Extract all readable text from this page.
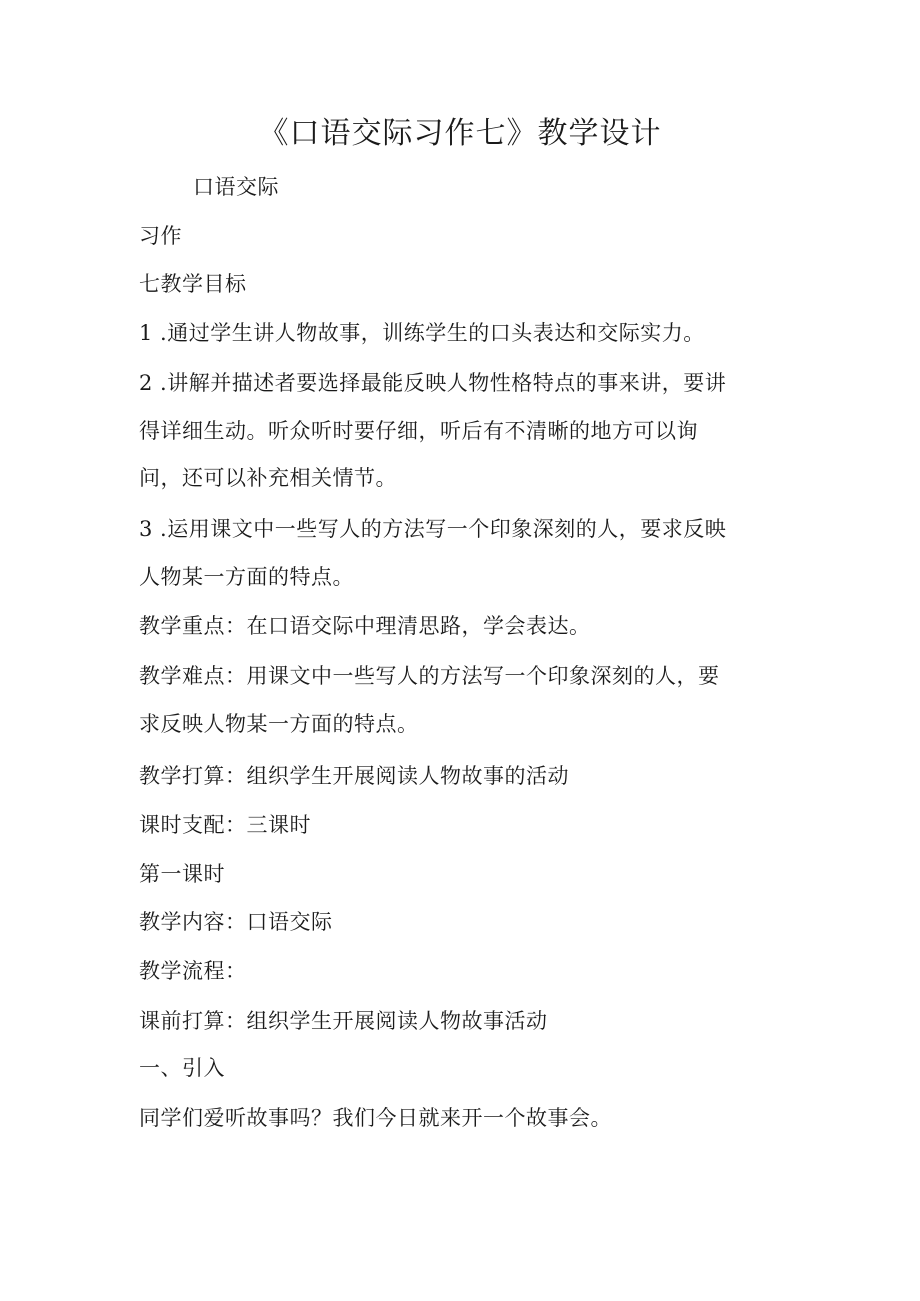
《口语交际习作七》教学设计
口语交际
习作
七教学目标
1 .通过学生讲人物故事，训练学生的口头表达和交际实力。
2 .讲解并描述者要选择最能反映人物性格特点的事来讲，要讲
得详细生动。听众听时要仔细，听后有不清晰的地方可以询
问，还可以补充相关情节。
3 .运用课文中一些写人的方法写一个印象深刻的人，要求反映
人物某一方面的特点。
教学重点：在口语交际中理清思路，学会表达。
教学难点：用课文中一些写人的方法写一个印象深刻的人，要
求反映人物某一方面的特点。
教学打算：组织学生开展阅读人物故事的活动
课时支配：三课时
第一课时
教学内容：口语交际
教学流程：
课前打算：组织学生开展阅读人物故事活动
一、引入
同学们爱听故事吗？我们今日就来开一个故事会。
